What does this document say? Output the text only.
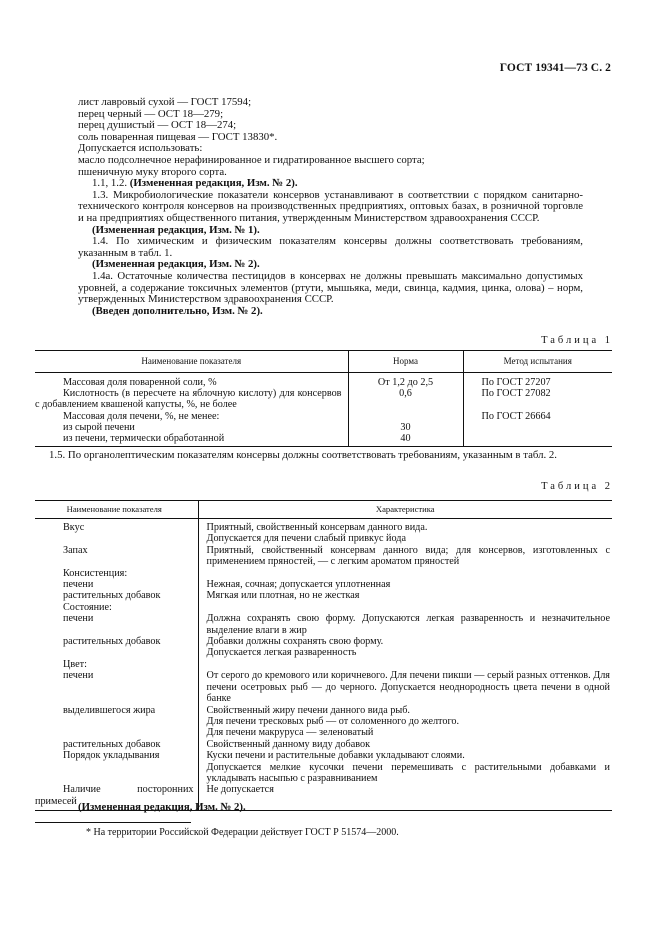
ГОСТ 19341—73 С. 2
лист лавровый сухой — ГОСТ 17594;
перец черный — ОСТ 18—279;
перец душистый — ОСТ 18—274;
соль поваренная пищевая — ГОСТ 13830*.
Допускается использовать:
масло подсолнечное нерафинированное и гидратированное высшего сорта;
пшеничную муку второго сорта.
1.1, 1.2. (Измененная редакция, Изм. № 2).
1.3. Микробиологические показатели консервов устанавливают в соответствии с порядком санитарно-технического контроля консервов на производственных предприятиях, оптовых базах, в розничной торговле и на предприятиях общественного питания, утвержденным Министерством здравоохранения СССР.
(Измененная редакция, Изм. № 1).
1.4. По химическим и физическим показателям консервы должны соответствовать требованиям, указанным в табл. 1.
(Измененная редакция, Изм. № 2).
1.4а. Остаточные количества пестицидов в консервах не должны превышать максимально допустимых уровней, а содержание токсичных элементов (ртути, мышьяка, меди, свинца, кадмия, цинка, олова) – норм, утвержденных Министерством здравоохранения СССР.
(Введен дополнительно, Изм. № 2).
Таблица 1
Наименование показателя	Норма	Метод испытания
Массовая доля поваренной соли, %	От 1,2 до 2,5	По ГОСТ 27207
Кислотность (в пересчете на яблочную кислоту) для консервов с добавлением квашеной капусты, %, не более	0,6	По ГОСТ 27082
Массовая доля печени, %, не менее:		По ГОСТ 26664
из сырой печени	30	
из печени, термически обработанной	40	
1.5. По органолептическим показателям консервы должны соответствовать требованиям, указанным в табл. 2.
Таблица 2
Наименование показателя	Характеристика
Вкус	Приятный, свойственный консервам данного вида.
Допускается для печени слабый привкус йода

Запах	Приятный, свойственный консервам данного вида; для консервов, изготовленных с применением пряностей, — с легким ароматом пряностей
Консистенция:	
печени	Нежная, сочная; допускается уплотненная
растительных добавок	Мягкая или плотная, но не жесткая
Состояние:	
печени	Должна сохранять свою форму. Допускаются легкая разваренность и незначительное выделение влаги в жир
растительных добавок	Добавки должны сохранять свою форму.
Допускается легкая разваренность

Цвет:	
печени	От серого до кремового или коричневого. Для печени пикши — серый разных оттенков. Для печени осетровых рыб — до черного. Допускается неоднородность цвета печени в одной банке
выделившегося жира	Свойственный жиру печени данного вида рыб.
Для печени тресковых рыб — от соломенного до желтого.
Для печени макруруса — зеленоватый

растительных добавок	Свойственный данному виду добавок
Порядок укладывания	Куски печени и растительные добавки укладывают слоями.
Допускается мелкие кусочки печени перемешивать с растительными добавками и укладывать насыпью с разравниванием

Наличие посторонних примесей	Не допускается
(Измененная редакция, Изм. № 2).
* На территории Российской Федерации действует ГОСТ Р 51574—2000.
